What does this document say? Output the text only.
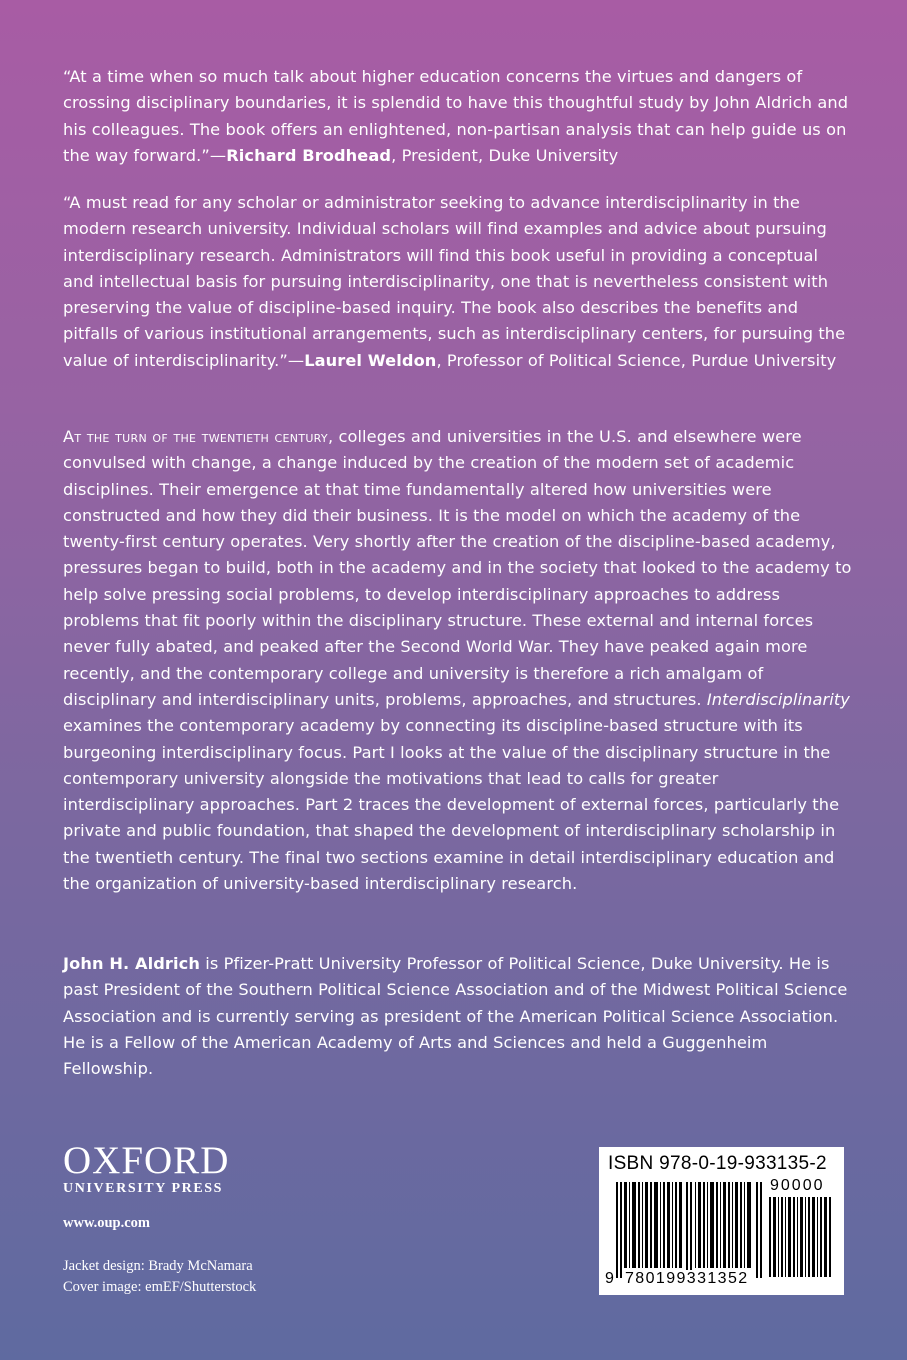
“At a time when so much talk about higher education concerns the virtues and dangers of crossing disciplinary boundaries, it is splendid to have this thoughtful study by John Aldrich and his colleagues. The book offers an enlightened, non-partisan analysis that can help guide us on the way forward.”—Richard Brodhead, President, Duke University

“A must read for any scholar or administrator seeking to advance interdisciplinarity in the modern research university. Individual scholars will find examples and advice about pursuing interdisciplinary research. Administrators will find this book useful in providing a conceptual and intellectual basis for pursuing interdisciplinarity, one that is nevertheless consistent with preserving the value of discipline-based inquiry. The book also describes the benefits and pitfalls of various institutional arrangements, such as interdisciplinary centers, for pursuing the value of interdisciplinarity.”—Laurel Weldon, Professor of Political Science, Purdue University

At the turn of the twentieth century, colleges and universities in the U.S. and elsewhere were convulsed with change, a change induced by the creation of the modern set of academic disciplines. Their emergence at that time fundamentally altered how universities were constructed and how they did their business. It is the model on which the academy of the twenty-first century operates. Very shortly after the creation of the discipline-based academy, pressures began to build, both in the academy and in the society that looked to the academy to help solve pressing social problems, to develop interdisciplinary approaches to address problems that fit poorly within the disciplinary structure. These external and internal forces never fully abated, and peaked after the Second World War. They have peaked again more recently, and the contemporary college and university is therefore a rich amalgam of disciplinary and interdisciplinary units, problems, approaches, and structures. Interdisciplinarity examines the contemporary academy by connecting its discipline-based structure with its burgeoning interdisciplinary focus. Part I looks at the value of the disciplinary structure in the contemporary university alongside the motivations that lead to calls for greater interdisciplinary approaches. Part 2 traces the development of external forces, particularly the private and public foundation, that shaped the development of interdisciplinary scholarship in the twentieth century. The final two sections examine in detail interdisciplinary education and the organization of university-based interdisciplinary research.

John H. Aldrich is Pfizer-Pratt University Professor of Political Science, Duke University. He is past President of the Southern Political Science Association and of the Midwest Political Science Association and is currently serving as president of the American Political Science Association. He is a Fellow of the American Academy of Arts and Sciences and held a Guggenheim Fellowship.

OXFORD
UNIVERSITY PRESS
www.oup.com
Jacket design: Brady McNamara
Cover image: emEF/Shutterstock
ISBN 978-0-19-933135-2
90000
9 780199331352
